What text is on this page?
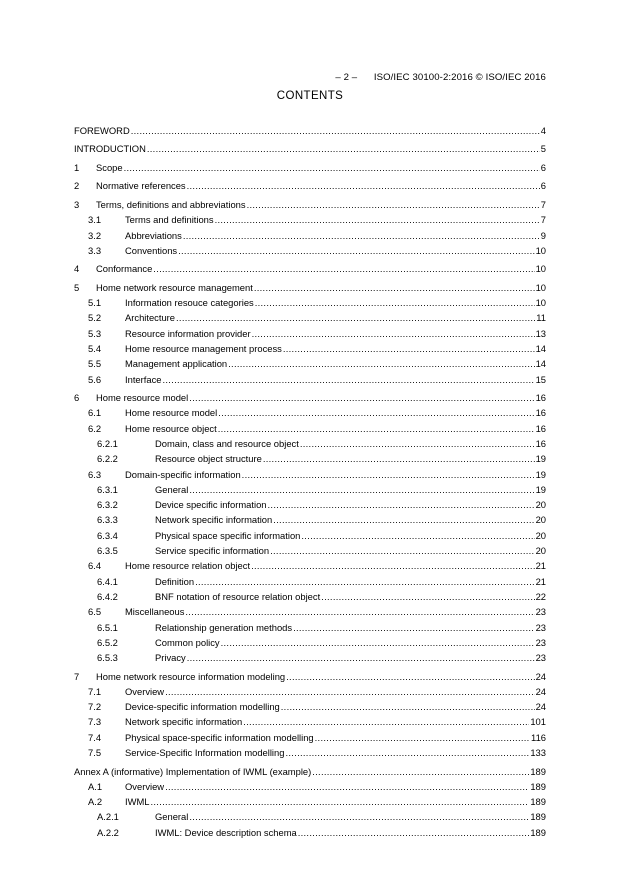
– 2 – ISO/IEC 30100-2:2016 © ISO/IEC 2016

CONTENTS
FOREWORD .....	4
INTRODUCTION .....	5
1	Scope .....	6
2	Normative references .....	6
3	Terms, definitions and abbreviations .....	7
3.1	Terms and definitions .....	7
3.2	Abbreviations .....	9
3.3	Conventions .....	10
4	Conformance .....	10
5	Home network resource management .....	10
5.1	Information resouce categories .....	10
5.2	Architecture .....	11
5.3	Resource information provider .....	13
5.4	Home resource management process .....	14
5.5	Management application .....	14
5.6	Interface .....	15
6	Home resource model .....	16
6.1	Home resource model .....	16
6.2	Home resource object .....	16
6.2.1	Domain, class and resource object .....	16
6.2.2	Resource object structure .....	19
6.3	Domain-specific information .....	19
6.3.1	General .....	19
6.3.2	Device specific information .....	20
6.3.3	Network specific information .....	20
6.3.4	Physical space specific information .....	20
6.3.5	Service specific information .....	20
6.4	Home resource relation object .....	21
6.4.1	Definition .....	21
6.4.2	BNF notation of resource relation object .....	22
6.5	Miscellaneous .....	23
6.5.1	Relationship generation methods .....	23
6.5.2	Common policy .....	23
6.5.3	Privacy .....	23
7	Home network resource information modeling .....	24
7.1	Overview .....	24
7.2	Device-specific information modelling .....	24
7.3	Network specific information .....	101
7.4	Physical space-specific information modelling .....	116
7.5	Service-Specific Information modelling .....	133
Annex A (informative) Implementation of IWML (example) .....	189
A.1	Overview .....	189
A.2	IWML .....	189
A.2.1	General .....	189
A.2.2	IWML: Device description schema .....	189
